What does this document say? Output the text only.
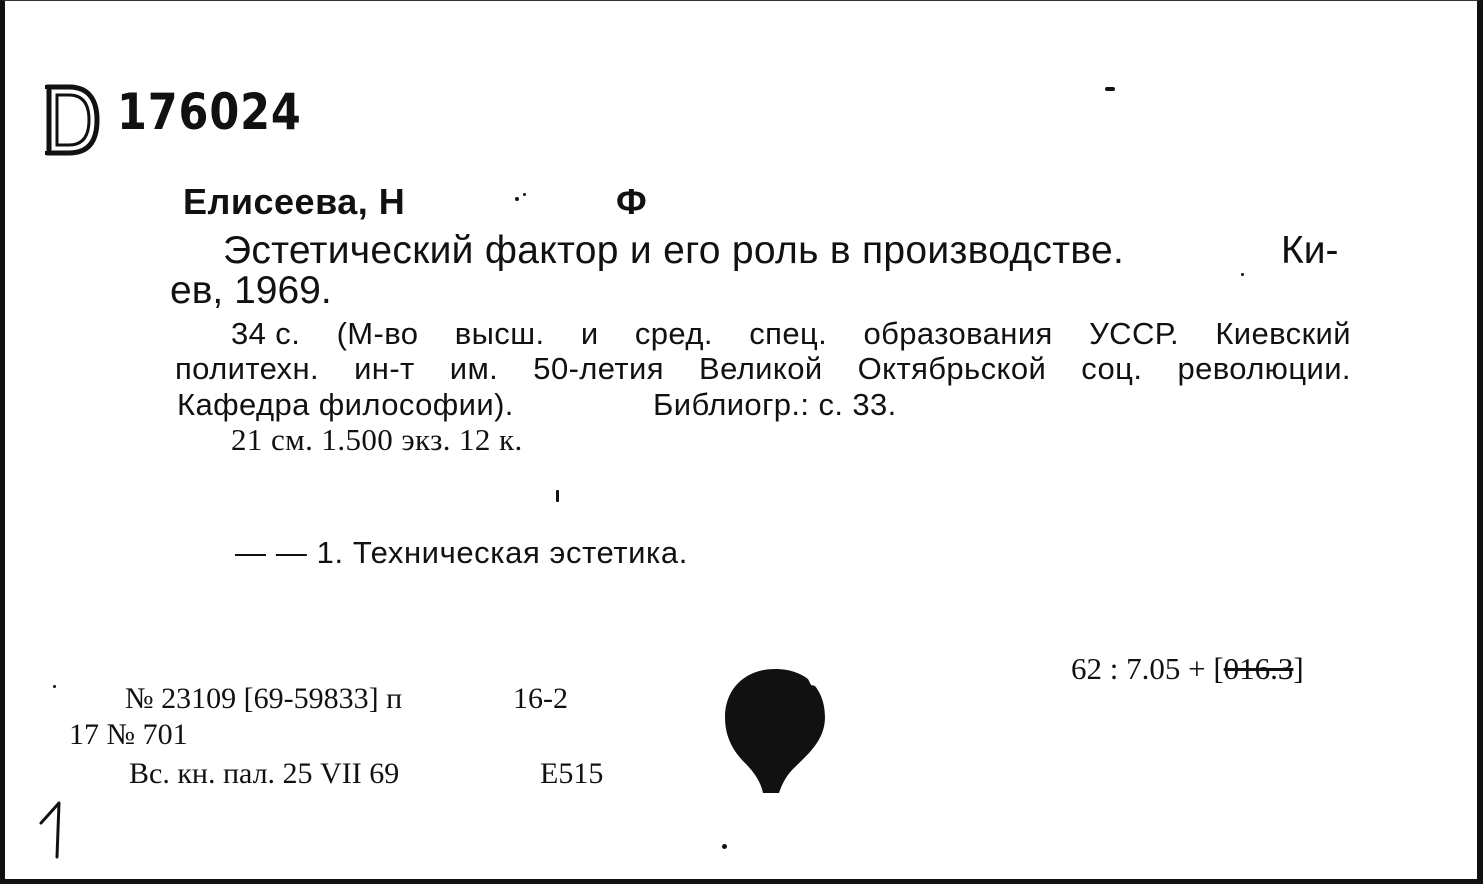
176024
Елисеева, Н	Ф
Эстетический фактор и его роль в производстве.	Ки-
ев, 1969.
34 с. (М-во высш. и сред. спец. образования УССР. Киевский
политехн. ин-т им. 50-летия Великой Октябрьской соц. революции.
Кафедра философии).	Библиогр.: с. 33.
21 см. 1.500 экз. 12 к.
— — 1. Техническая эстетика.
62 : 7.05 + [016.3]
№ 23109 [69-59833] п	16-2
17 № 701
Вс. кн. пал. 25 VII 69	Е515
